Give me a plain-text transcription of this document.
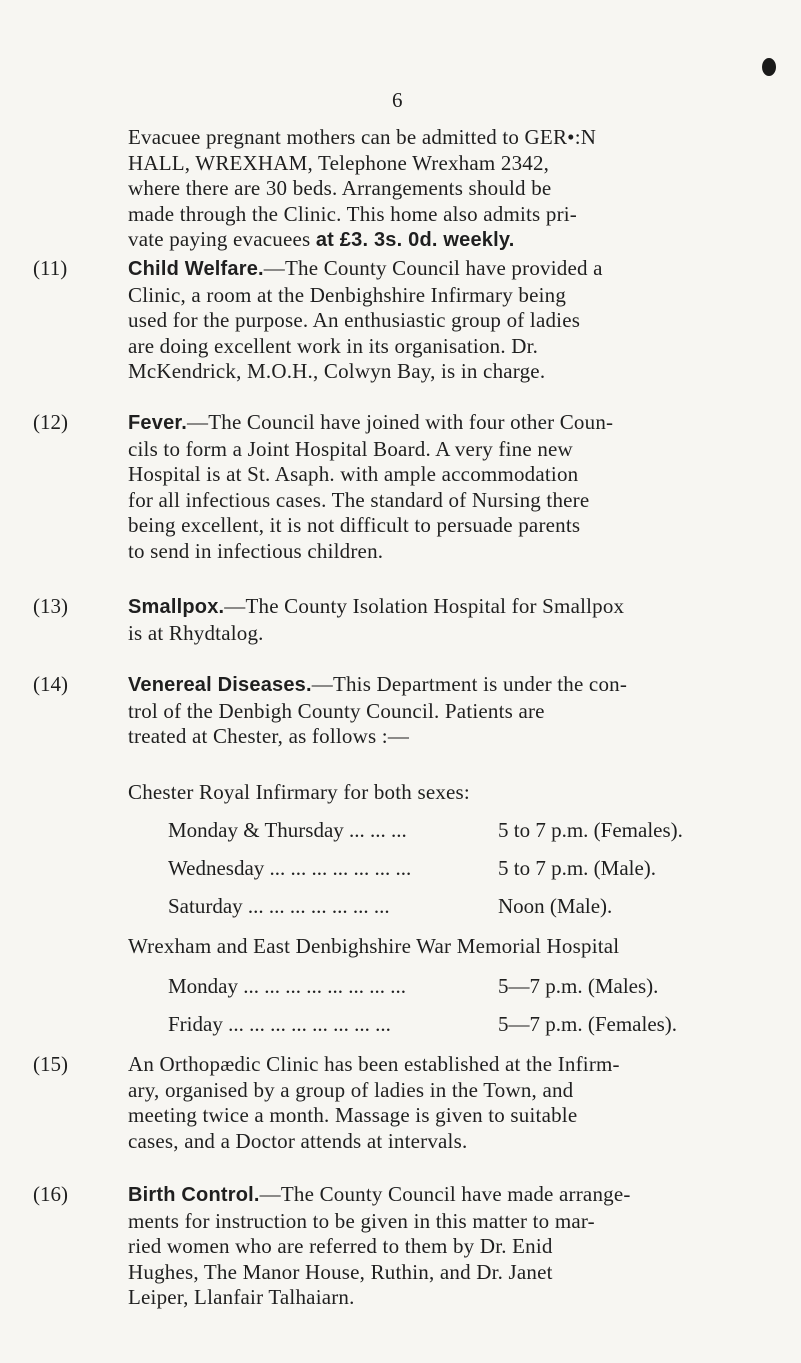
6
Evacuee pregnant mothers can be admitted to GER•:N
HALL, WREXHAM, Telephone Wrexham 2342,
where there are 30 beds. Arrangements should be
made through the Clinic. This home also admits pri-
vate paying evacuees at £3. 3s. 0d. weekly.
(11)	Child Welfare.—The County Council have provided a
Clinic, a room at the Denbighshire Infirmary being
used for the purpose. An enthusiastic group of ladies
are doing excellent work in its organisation. Dr.
McKendrick, M.O.H., Colwyn Bay, is in charge.
(12)	Fever.—The Council have joined with four other Coun-
cils to form a Joint Hospital Board. A very fine new
Hospital is at St. Asaph. with ample accommodation
for all infectious cases. The standard of Nursing there
being excellent, it is not difficult to persuade parents
to send in infectious children.
(13)	Smallpox.—The County Isolation Hospital for Smallpox
is at Rhydtalog.
(14)	Venereal Diseases.—This Department is under the con-
trol of the Denbigh County Council. Patients are
treated at Chester, as follows :—
Chester Royal Infirmary for both sexes:
Monday & Thursday ... ... ...	5 to 7 p.m. (Females).
Wednesday ... ... ... ... ... ... ...	5 to 7 p.m. (Male).
Saturday ... ... ... ... ... ... ...	Noon (Male).
Wrexham and East Denbighshire War Memorial Hospital
Monday ... ... ... ... ... ... ... ...	5—7 p.m. (Males).
Friday ... ... ... ... ... ... ... ...	5—7 p.m. (Females).
(15)	An Orthopædic Clinic has been established at the Infirm-
ary, organised by a group of ladies in the Town, and
meeting twice a month. Massage is given to suitable
cases, and a Doctor attends at intervals.
(16)	Birth Control.—The County Council have made arrange-
ments for instruction to be given in this matter to mar-
ried women who are referred to them by Dr. Enid
Hughes, The Manor House, Ruthin, and Dr. Janet
Leiper, Llanfair Talhaiarn.
